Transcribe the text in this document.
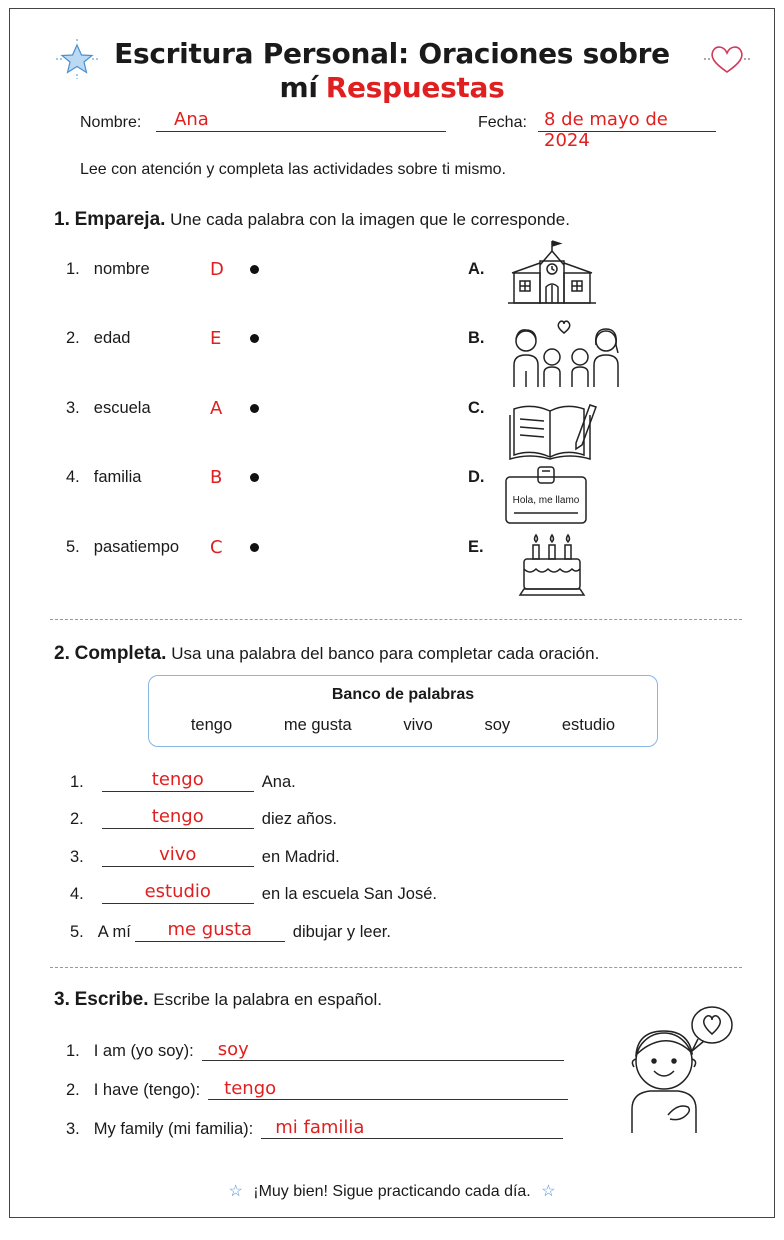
Escritura Personal: Oraciones sobre mí Respuestas
Nombre: Ana	Fecha: 8 de mayo de 2024
Lee con atención y completa las actividades sobre ti mismo.
1. Empareja. Une cada palabra con la imagen que le corresponde.
1. nombre	D
2. edad	E
3. escuela	A
4. familia	B
5. pasatiempo C
A.
B.
C.
D.
E.
Hola, me llamo
2. Completa. Usa una palabra del banco para completar cada oración.
Banco de palabras
tengo	me gusta	vivo	soy	estudio
1.	tengo	Ana.
2.	tengo	diez años.
3.	vivo	en Madrid.
4.	estudio	en la escuela San José.
5. A mí me gusta dibujar y leer.
3. Escribe. Escribe la palabra en español.
1. I am (yo soy): soy
2. I have (tengo): tengo
3. My family (mi familia): mi familia
☆ ¡Muy bien! Sigue practicando cada día. ☆
